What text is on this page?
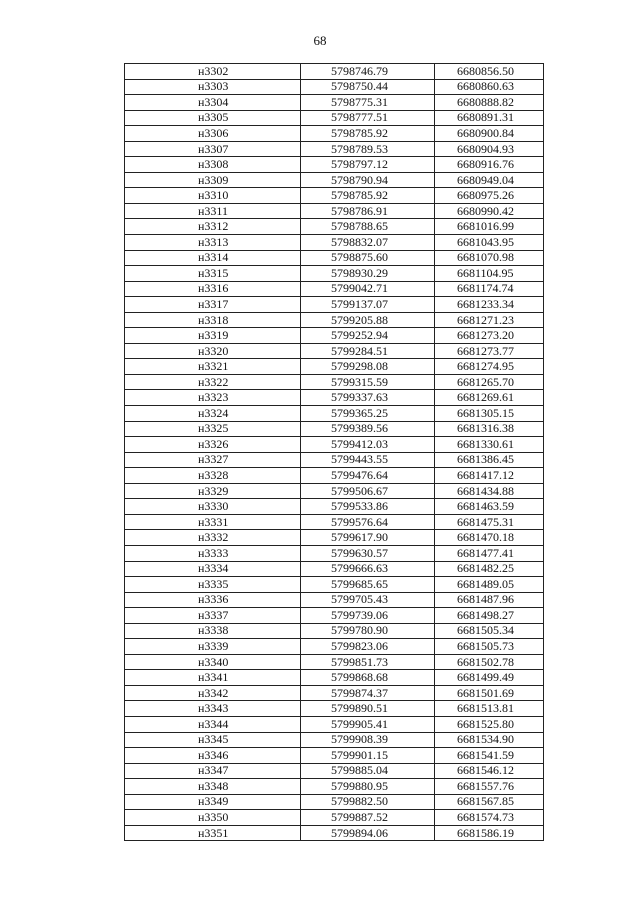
68
н3302	5798746.79	6680856.50
н3303	5798750.44	6680860.63
н3304	5798775.31	6680888.82
н3305	5798777.51	6680891.31
н3306	5798785.92	6680900.84
н3307	5798789.53	6680904.93
н3308	5798797.12	6680916.76
н3309	5798790.94	6680949.04
н3310	5798785.92	6680975.26
н3311	5798786.91	6680990.42
н3312	5798788.65	6681016.99
н3313	5798832.07	6681043.95
н3314	5798875.60	6681070.98
н3315	5798930.29	6681104.95
н3316	5799042.71	6681174.74
н3317	5799137.07	6681233.34
н3318	5799205.88	6681271.23
н3319	5799252.94	6681273.20
н3320	5799284.51	6681273.77
н3321	5799298.08	6681274.95
н3322	5799315.59	6681265.70
н3323	5799337.63	6681269.61
н3324	5799365.25	6681305.15
н3325	5799389.56	6681316.38
н3326	5799412.03	6681330.61
н3327	5799443.55	6681386.45
н3328	5799476.64	6681417.12
н3329	5799506.67	6681434.88
н3330	5799533.86	6681463.59
н3331	5799576.64	6681475.31
н3332	5799617.90	6681470.18
н3333	5799630.57	6681477.41
н3334	5799666.63	6681482.25
н3335	5799685.65	6681489.05
н3336	5799705.43	6681487.96
н3337	5799739.06	6681498.27
н3338	5799780.90	6681505.34
н3339	5799823.06	6681505.73
н3340	5799851.73	6681502.78
н3341	5799868.68	6681499.49
н3342	5799874.37	6681501.69
н3343	5799890.51	6681513.81
н3344	5799905.41	6681525.80
н3345	5799908.39	6681534.90
н3346	5799901.15	6681541.59
н3347	5799885.04	6681546.12
н3348	5799880.95	6681557.76
н3349	5799882.50	6681567.85
н3350	5799887.52	6681574.73
н3351	5799894.06	6681586.19
